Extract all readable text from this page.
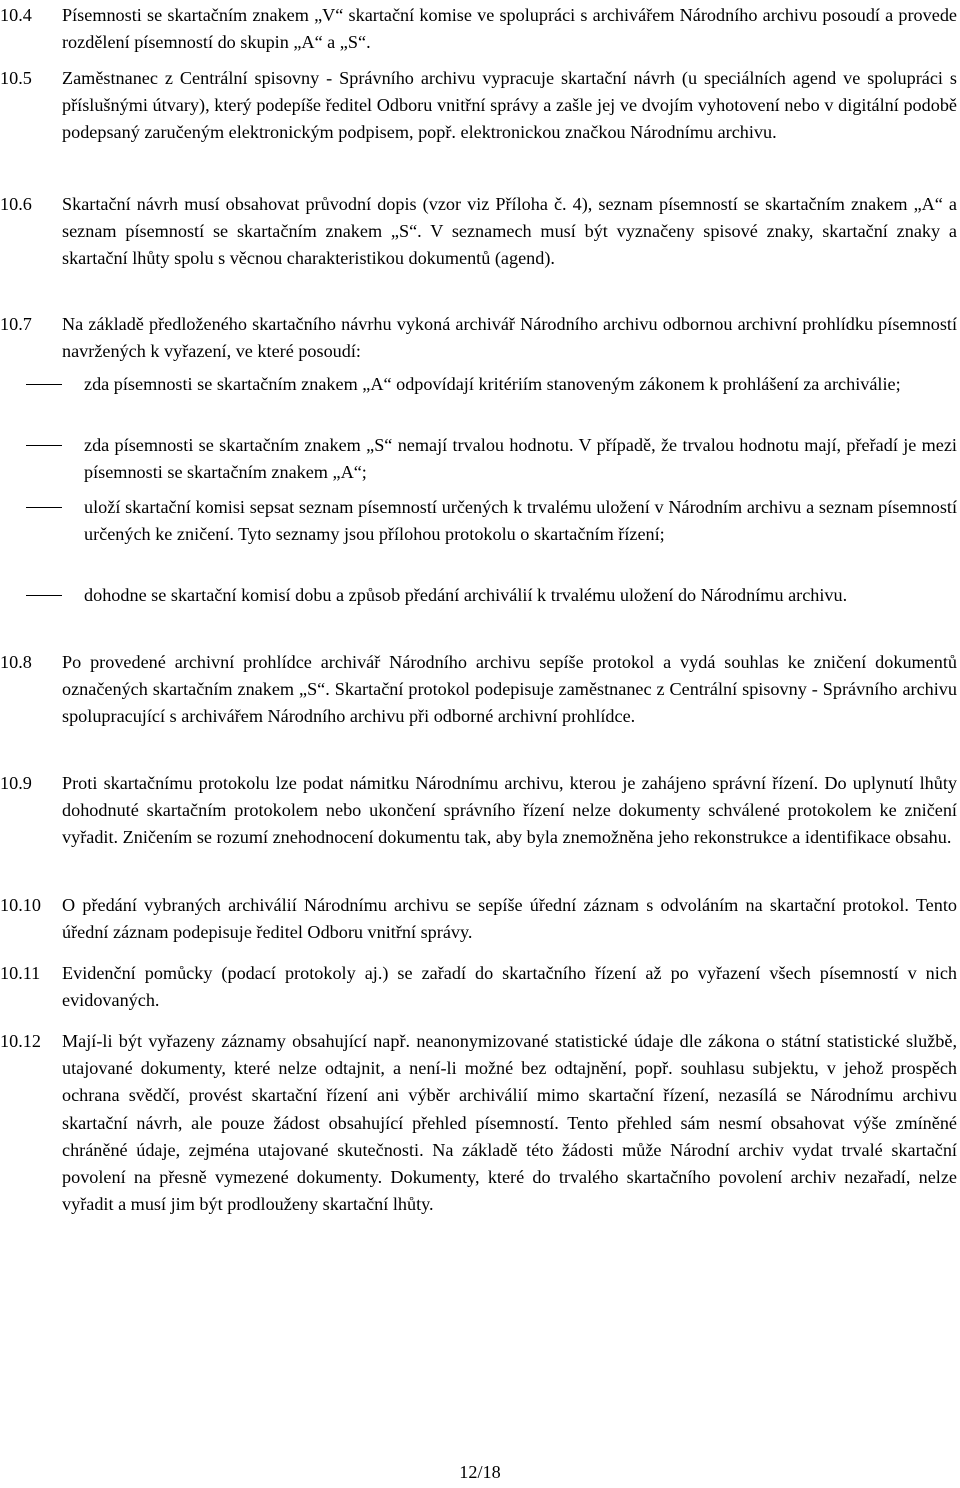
10.4 Písemnosti se skartačním znakem „V“ skartační komise ve spolupráci s archivářem Národního archivu posoudí a provede rozdělení písemností do skupin „A“ a „S“.
10.5 Zaměstnanec z Centrální spisovny - Správního archivu vypracuje skartační návrh (u speciálních agend ve spolupráci s příslušnými útvary), který podepíše ředitel Odboru vnitřní správy a zašle jej ve dvojím vyhotovení nebo v digitální podobě podepsaný zaručeným elektronickým podpisem, popř. elektronickou značkou Národnímu archivu.
10.6 Skartační návrh musí obsahovat průvodní dopis (vzor viz Příloha č. 4), seznam písemností se skartačním znakem „A“ a seznam písemností se skartačním znakem „S“. V seznamech musí být vyznačeny spisové znaky, skartační znaky a skartační lhůty spolu s věcnou charakteristikou dokumentů (agend).
10.7 Na základě předloženého skartačního návrhu vykoná archivář Národního archivu odbornou archivní prohlídku písemností navržených k vyřazení, ve které posoudí:
zda písemnosti se skartačním znakem „A“ odpovídají kritériím stanoveným zákonem k prohlášení za archiválie;
zda písemnosti se skartačním znakem „S“ nemají trvalou hodnotu. V případě, že trvalou hodnotu mají, přeřadí je mezi písemnosti se skartačním znakem „A“;
uloží skartační komisi sepsat seznam písemností určených k trvalému uložení v Národním archivu a seznam písemností určených ke zničení. Tyto seznamy jsou přílohou protokolu o skartačním řízení;
dohodne se skartační komisí dobu a způsob předání archiválií k trvalému uložení do Národnímu archivu.
10.8 Po provedené archivní prohlídce archivář Národního archivu sepíše protokol a vydá souhlas ke zničení dokumentů označených skartačním znakem „S“. Skartační protokol podepisuje zaměstnanec z Centrální spisovny - Správního archivu spolupracující s archivářem Národního archivu při odborné archivní prohlídce.
10.9 Proti skartačnímu protokolu lze podat námitku Národnímu archivu, kterou je zahájeno správní řízení. Do uplynutí lhůty dohodnuté skartačním protokolem nebo ukončení správního řízení nelze dokumenty schválené protokolem ke zničení vyřadit. Zničením se rozumí znehodnocení dokumentu tak, aby byla znemožněna jeho rekonstrukce a identifikace obsahu.
10.10 O předání vybraných archiválií Národnímu archivu se sepíše úřední záznam s odvoláním na skartační protokol. Tento úřední záznam podepisuje ředitel Odboru vnitřní správy.
10.11 Evidenční pomůcky (podací protokoly aj.) se zařadí do skartačního řízení až po vyřazení všech písemností v nich evidovaných.
10.12 Mají-li být vyřazeny záznamy obsahující např. neanonymizované statistické údaje dle zákona o státní statistické službě, utajované dokumenty, které nelze odtajnit, a není-li možné bez odtajnění, popř. souhlasu subjektu, v jehož prospěch ochrana svědčí, provést skartační řízení ani výběr archiválií mimo skartační řízení, nezasílá se Národnímu archivu skartační návrh, ale pouze žádost obsahující přehled písemností. Tento přehled sám nesmí obsahovat výše zmíněné chráněné údaje, zejména utajované skutečnosti. Na základě této žádosti může Národní archiv vydat trvalé skartační povolení na přesně vymezené dokumenty. Dokumenty, které do trvalého skartačního povolení archiv nezařadí, nelze vyřadit a musí jim být prodlouženy skartační lhůty.
12/18
